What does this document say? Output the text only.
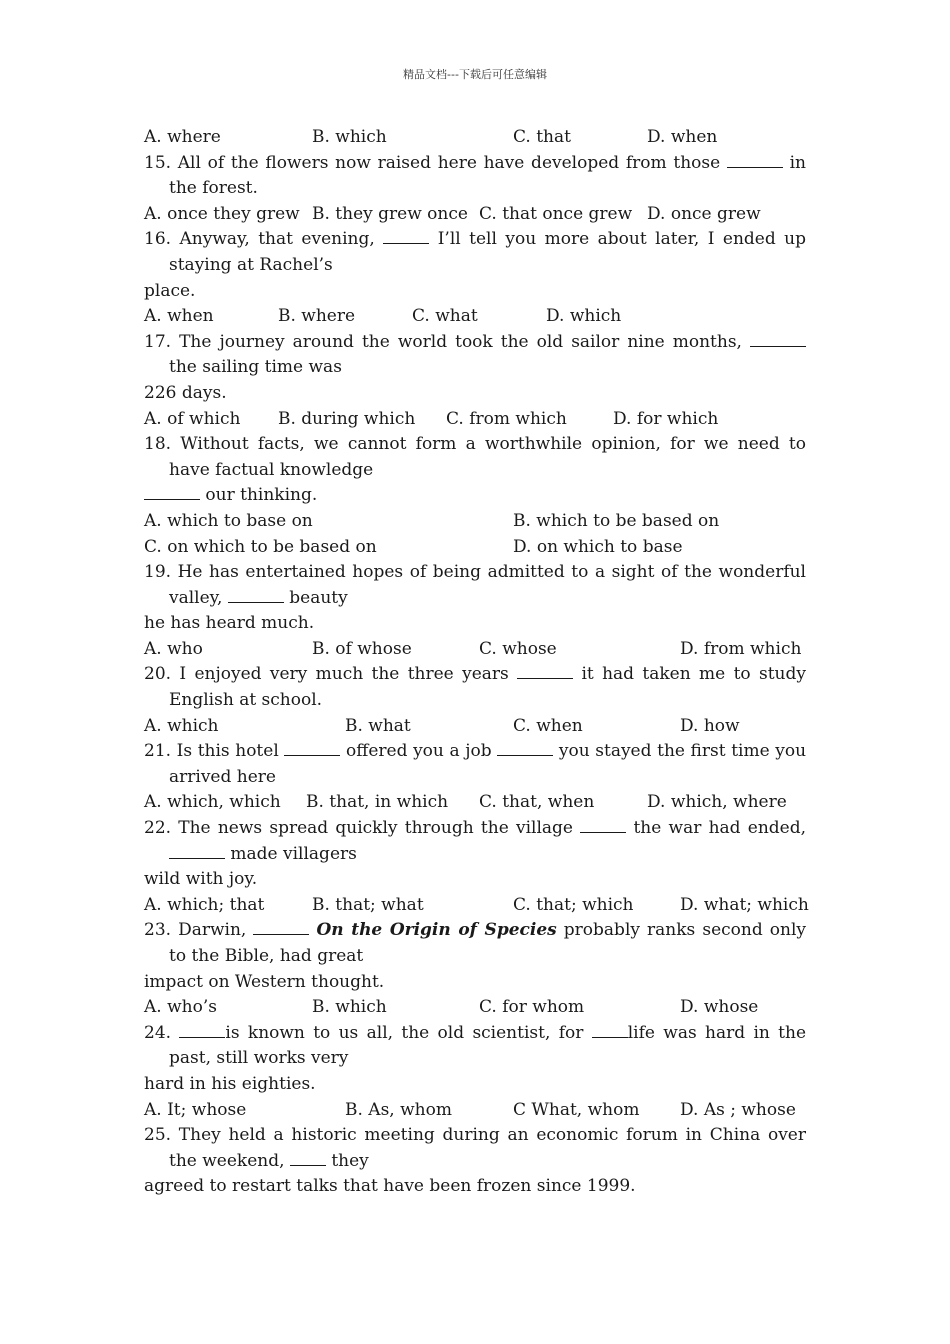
精品文档---下载后可任意编辑
A. where	B. which	C. that	D. when
15. All of the flowers now raised here have developed from those	in the forest.
A. once they grew B. they grew once C. that once grew D. once grew
16. Anyway, that evening,	I’ll tell you more about later, I ended up staying at Rachel’s
place.
A. when	B. where	C. what	D. which
17. The journey around the world took the old sailor nine months,  the sailing time was
226 days.
A. of which B. during which C. from which	D. for which
18. Without facts, we cannot form a worthwhile opinion, for we need to have factual knowledge
our thinking.
A. which to base on	B. which to be based on
C. on which to be based on	D. on which to base
19. He has entertained hopes of being admitted to a sight of the wonderful valley,	beauty
he has heard much.
A. who	B. of whose	C. whose	D. from which
20. I enjoyed very much the three years	it had taken me to study English at school.
A. which	B. what	C. when	D. how
21. Is this hotel	offered you a job	you stayed the first time you arrived here
A. which, which B. that, in which C. that, when	D. which, where
22. The news spread quickly through the village	the war had ended,  made villagers
wild with joy.
A. which; that	B. that; what	C. that; which	D. what; which
23. Darwin,	On the Origin of Species probably ranks second only to the Bible, had great
impact on Western thought.
A. who’s	B. which	C. for whom	D. whose
24.	is known to us all, the old scientist, for	life was hard in the past, still works very
hard in his eighties.
A. It; whose	B. As, whom	C What, whom D. As ; whose
25. They held a historic meeting during an economic forum in China over the weekend,	they
agreed to restart talks that have been frozen since 1999.
